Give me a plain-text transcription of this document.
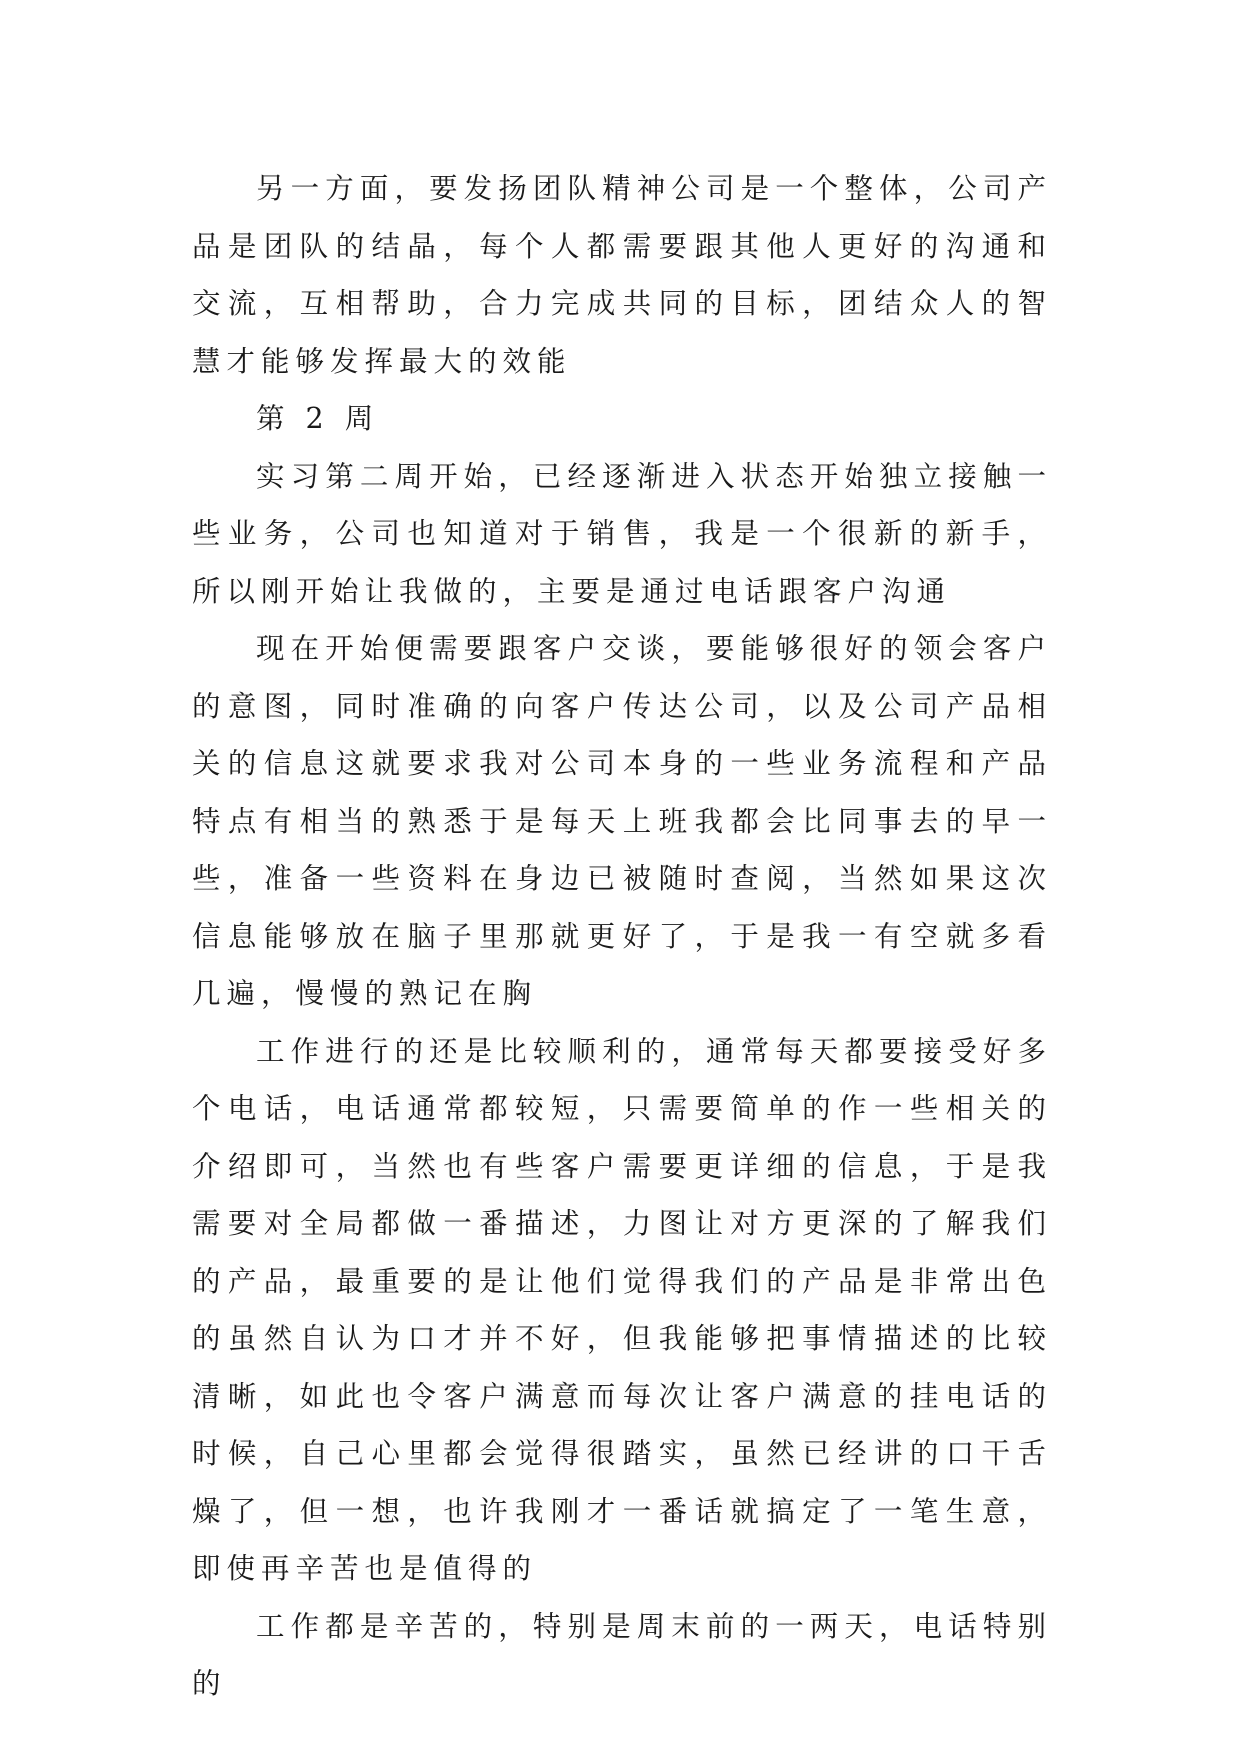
另一方面，要发扬团队精神公司是一个整体，公司产品是团队的结晶，每个人都需要跟其他人更好的沟通和交流，互相帮助，合力完成共同的目标，团结众人的智慧才能够发挥最大的效能

第 2 周

实习第二周开始，已经逐渐进入状态开始独立接触一些业务，公司也知道对于销售，我是一个很新的新手，所以刚开始让我做的，主要是通过电话跟客户沟通

现在开始便需要跟客户交谈，要能够很好的领会客户的意图，同时准确的向客户传达公司，以及公司产品相关的信息这就要求我对公司本身的一些业务流程和产品特点有相当的熟悉于是每天上班我都会比同事去的早一些，准备一些资料在身边已被随时查阅，当然如果这次信息能够放在脑子里那就更好了，于是我一有空就多看几遍，慢慢的熟记在胸

工作进行的还是比较顺利的，通常每天都要接受好多个电话，电话通常都较短，只需要简单的作一些相关的介绍即可，当然也有些客户需要更详细的信息，于是我需要对全局都做一番描述，力图让对方更深的了解我们的产品，最重要的是让他们觉得我们的产品是非常出色的虽然自认为口才并不好，但我能够把事情描述的比较清晰，如此也令客户满意而每次让客户满意的挂电话的时候，自己心里都会觉得很踏实，虽然已经讲的口干舌燥了，但一想，也许我刚才一番话就搞定了一笔生意，即使再辛苦也是值得的

工作都是辛苦的，特别是周末前的一两天，电话特别的
